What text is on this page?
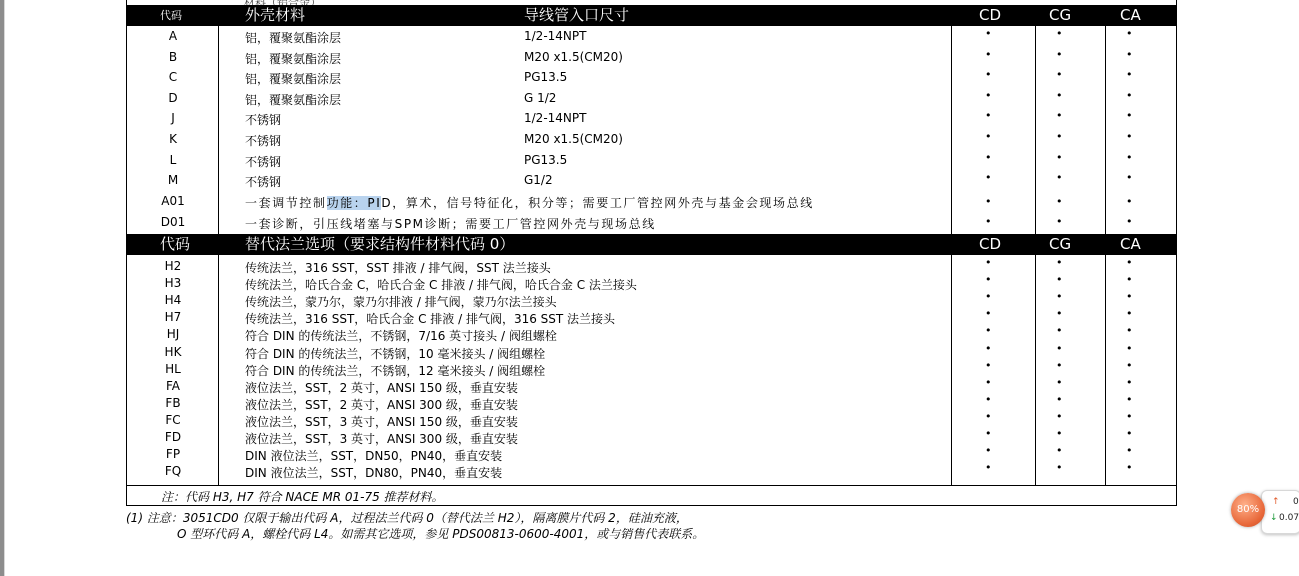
代码	外壳材料	导线管入口尺寸	CD	CG	CA
代码	替代法兰选项（要求结构件材料代码 0）	CD	CG	CA
A	铝，覆聚氨酯涂层	1/2-14NPT	•	•	•
B	铝，覆聚氨酯涂层	M20 x1.5(CM20)	•	•	•
C	铝，覆聚氨酯涂层	PG13.5	•	•	•
D	铝，覆聚氨酯涂层	G 1/2	•	•	•
J	不锈钢	1/2-14NPT	•	•	•
K	不锈钢	M20 x1.5(CM20)	•	•	•
L	不锈钢	PG13.5	•	•	•
M	不锈钢	G1/2	•	•	•
A01	一套调节控制功能：PID，算术，信号特征化，积分等；需要工厂管控网外壳与基金会现场总线	•	•	•
D01	一套诊断，引压线堵塞与SPM诊断；需要工厂管控网外壳与现场总线	•	•	•
H2	传统法兰，316 SST，SST 排液 / 排气阀，SST 法兰接头	•	•	•
H3	传统法兰，哈氏合金 C，哈氏合金 C 排液 / 排气阀，哈氏合金 C 法兰接头	•	•	•
H4	传统法兰，蒙乃尔，蒙乃尔排液 / 排气阀，蒙乃尔法兰接头	•	•	•
H7	传统法兰，316 SST，哈氏合金 C 排液 / 排气阀，316 SST 法兰接头	•	•	•
HJ	符合 DIN 的传统法兰，不锈钢，7/16 英寸接头 / 阀组螺栓	•	•	•
HK	符合 DIN 的传统法兰，不锈钢，10 毫米接头 / 阀组螺栓	•	•	•
HL	符合 DIN 的传统法兰，不锈钢，12 毫米接头 / 阀组螺栓	•	•	•
FA	液位法兰，SST，2 英寸，ANSI 150 级，垂直安装	•	•	•
FB	液位法兰，SST，2 英寸，ANSI 300 级，垂直安装	•	•	•
FC	液位法兰，SST，3 英寸，ANSI 150 级，垂直安装	•	•	•
FD	液位法兰，SST，3 英寸，ANSI 300 级，垂直安装	•	•	•
FP	DIN 液位法兰，SST，DN50，PN40，垂直安装	•	•	•
FQ	DIN 液位法兰，SST，DN80，PN40，垂直安装	•	•	•
注：代码 H3, H7 符合 NACE MR 01-75 推荐材料。
(1) 注意：3051CD0 仅限于输出代码 A，过程法兰代码 0（替代法兰 H2），隔离膜片代码 2，硅油充液，
O 型环代码 A，螺栓代码 L4。如需其它选项，参见 PDS00813-0600-4001，或与销售代表联系。
↑ 0
↓ 0.07
80%
